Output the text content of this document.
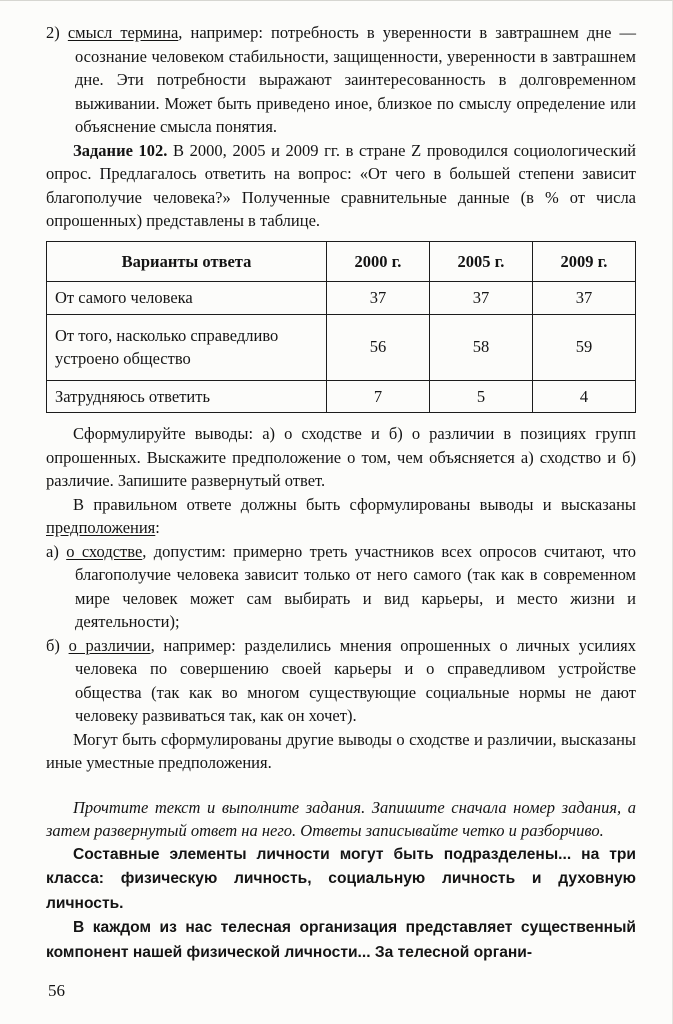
2) смысл термина, например: потребность в уверенности в завтрашнем дне — осознание человеком стабильности, защищенности, уверенности в завтрашнем дне. Эти потребности выражают заинтересованность в долговременном выживании. Может быть приведено иное, близкое по смыслу определение или объяснение смысла понятия.

Задание 102. В 2000, 2005 и 2009 гг. в стране Z проводился социологический опрос. Предлагалось ответить на вопрос: «От чего в большей степени зависит благополучие человека?» Полученные сравнительные данные (в % от числа опрошенных) представлены в таблице.

Варианты ответа	2000 г.	2005 г.	2009 г.
От самого человека	37	37	37
От того, насколько справедливо устроено общество	56	58	59
Затрудняюсь ответить	7	5	4

Сформулируйте выводы: а) о сходстве и б) о различии в позициях групп опрошенных. Выскажите предположение о том, чем объясняется а) сходство и б) различие. Запишите развернутый ответ.

В правильном ответе должны быть сформулированы выводы и высказаны предположения:

а) о сходстве, допустим: примерно треть участников всех опросов считают, что благополучие человека зависит только от него самого (так как в современном мире человек может сам выбирать и вид карьеры, и место жизни и деятельности);

б) о различии, например: разделились мнения опрошенных о личных усилиях человека по совершению своей карьеры и о справедливом устройстве общества (так как во многом существующие социальные нормы не дают человеку развиваться так, как он хочет).

Могут быть сформулированы другие выводы о сходстве и различии, высказаны иные уместные предположения.

Прочтите текст и выполните задания. Запишите сначала номер задания, а затем развернутый ответ на него. Ответы записывайте четко и разборчиво.

Составные элементы личности могут быть подразделены... на три класса: физическую личность, социальную личность и духовную личность.

В каждом из нас телесная организация представляет существенный компонент нашей физической личности... За телесной органи-

56
